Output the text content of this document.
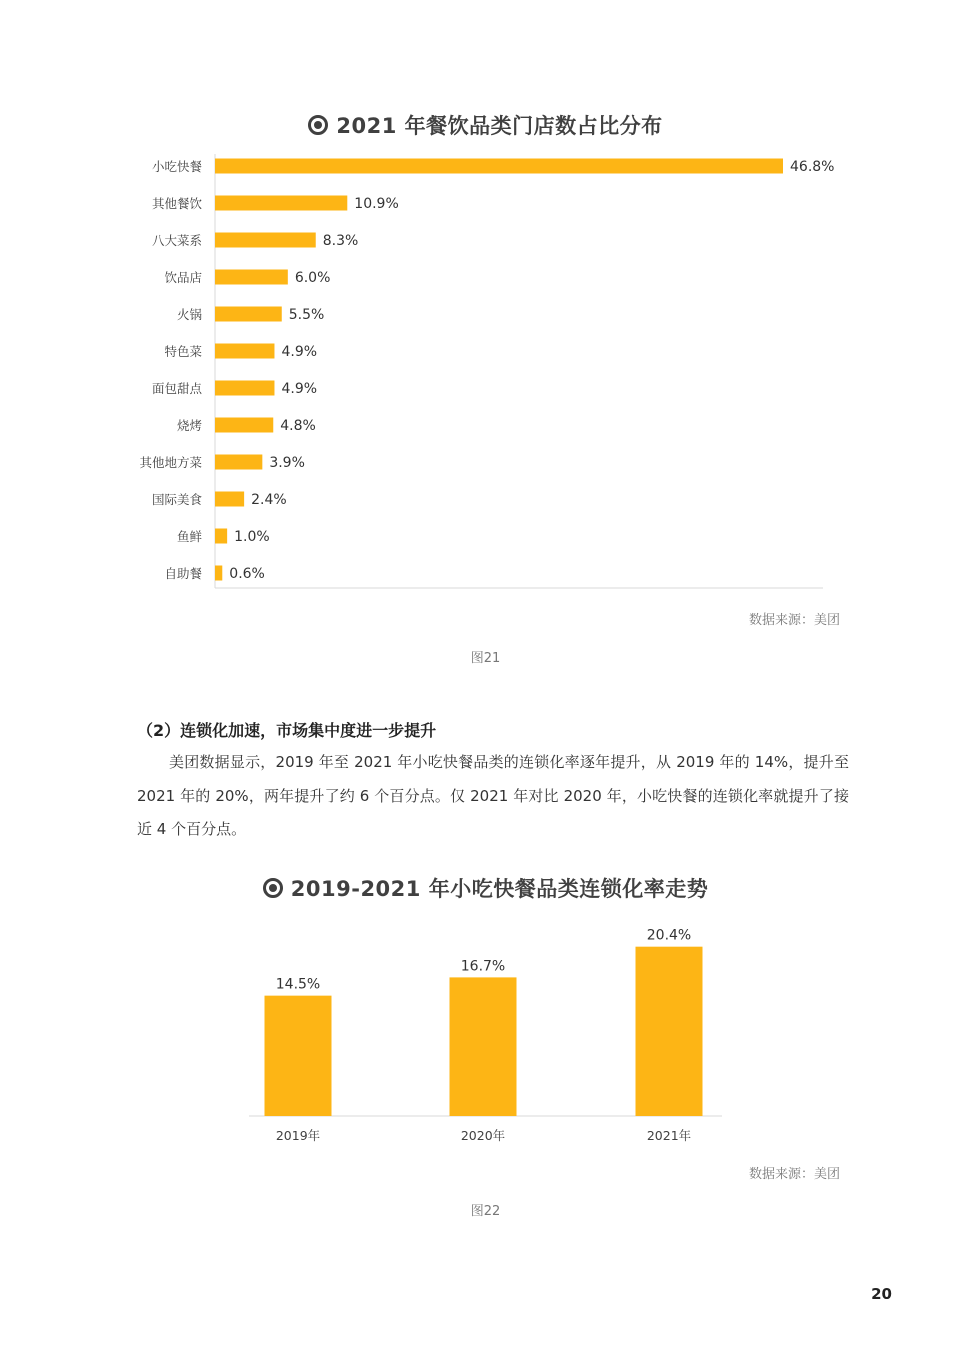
2021 年餐饮品类门店数占比分布
小吃快餐	46.8%
其他餐饮	10.9%
八大菜系	8.3%
饮品店	6.0%
火锅	5.5%
特色菜	4.9%
面包甜点	4.9%
烧烤	4.8%
其他地方菜	3.9%
国际美食	2.4%
鱼鲜 1.0%
自助餐 0.6%
数据来源：美团
图21
（2）连锁化加速，市场集中度进一步提升

美团数据显示，2019 年至 2021 年小吃快餐品类的连锁化率逐年提升，从 2019 年的 14%，提升至 2021 年的 20%，两年提升了约 6 个百分点。仅 2021 年对比 2020 年，小吃快餐的连锁化率就提升了接近 4 个百分点。

2019-2021 年小吃快餐品类连锁化率走势
14.5%
2019年
16.7%
2020年
20.4%
2021年
数据来源：美团
图22
20
